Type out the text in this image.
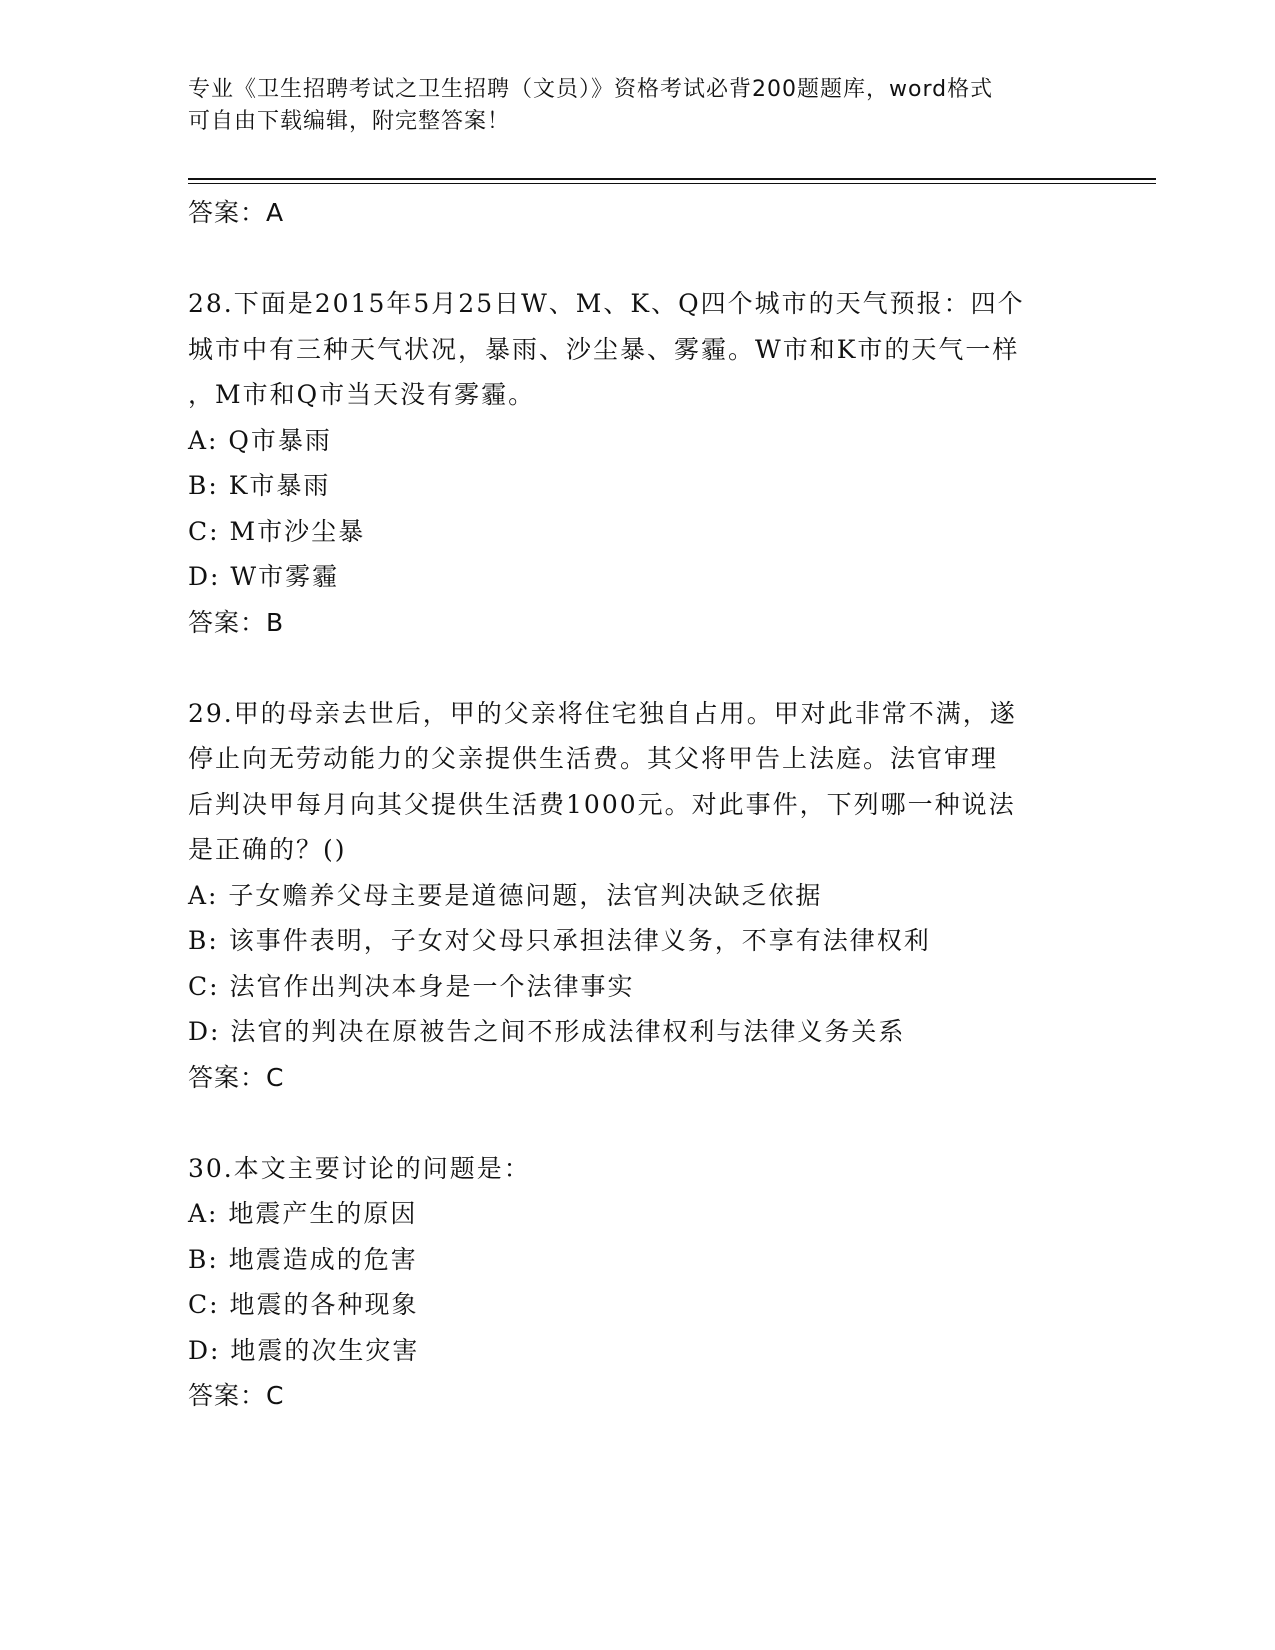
专业《卫生招聘考试之卫生招聘（文员）》资格考试必背200题题库，word格式
可自由下载编辑，附完整答案！
答案：A
28.下面是2015年5月25日W、M、K、Q四个城市的天气预报：四个
城市中有三种天气状况，暴雨、沙尘暴、雾霾。W市和K市的天气一样
，M市和Q市当天没有雾霾。
A: Q市暴雨
B: K市暴雨
C: M市沙尘暴
D: W市雾霾
答案：B
29.甲的母亲去世后，甲的父亲将住宅独自占用。甲对此非常不满，遂
停止向无劳动能力的父亲提供生活费。其父将甲告上法庭。法官审理
后判决甲每月向其父提供生活费1000元。对此事件，下列哪一种说法
是正确的？()
A: 子女赡养父母主要是道德问题，法官判决缺乏依据
B: 该事件表明，子女对父母只承担法律义务，不享有法律权利
C: 法官作出判决本身是一个法律事实
D: 法官的判决在原被告之间不形成法律权利与法律义务关系
答案：C
30.本文主要讨论的问题是：
A: 地震产生的原因
B: 地震造成的危害
C: 地震的各种现象
D: 地震的次生灾害
答案：C
